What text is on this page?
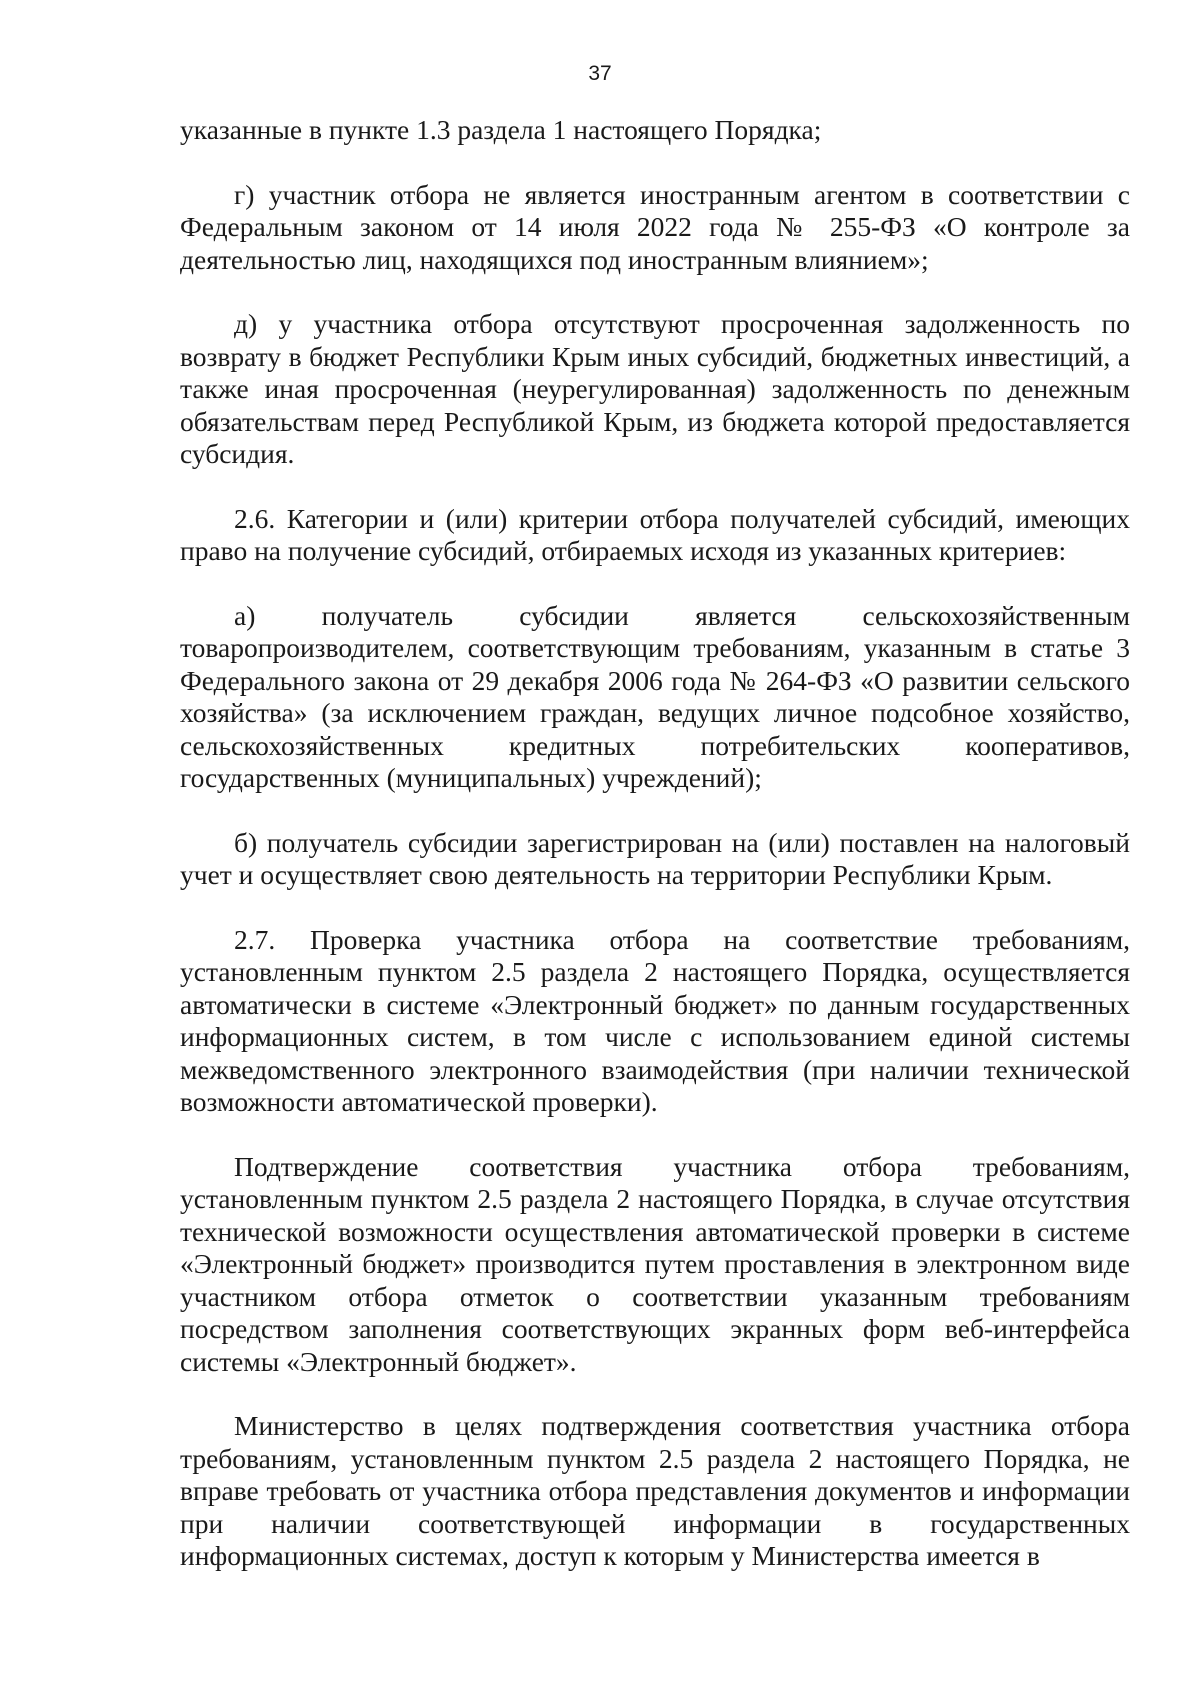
37

указанные в пункте 1.3 раздела 1 настоящего Порядка;

г) участник отбора не является иностранным агентом в соответствии с Федеральным законом от 14 июля 2022 года № 255-ФЗ «О контроле за деятельностью лиц, находящихся под иностранным влиянием»;

д) у участника отбора отсутствуют просроченная задолженность по возврату в бюджет Республики Крым иных субсидий, бюджетных инвестиций, а также иная просроченная (неурегулированная) задолженность по денежным обязательствам перед Республикой Крым, из бюджета которой предоставляется субсидия.

2.6. Категории и (или) критерии отбора получателей субсидий, имеющих право на получение субсидий, отбираемых исходя из указанных критериев:

а) получатель субсидии является сельскохозяйственным товаропроизводителем, соответствующим требованиям, указанным в статье 3 Федерального закона от 29 декабря 2006 года № 264-ФЗ «О развитии сельского хозяйства» (за исключением граждан, ведущих личное подсобное хозяйство, сельскохозяйственных кредитных потребительских кооперативов, государственных (муниципальных) учреждений);

б) получатель субсидии зарегистрирован на (или) поставлен на налоговый учет и осуществляет свою деятельность на территории Республики Крым.

2.7. Проверка участника отбора на соответствие требованиям, установленным пунктом 2.5 раздела 2 настоящего Порядка, осуществляется автоматически в системе «Электронный бюджет» по данным государственных информационных систем, в том числе с использованием единой системы межведомственного электронного взаимодействия (при наличии технической возможности автоматической проверки).

Подтверждение соответствия участника отбора требованиям, установленным пунктом 2.5 раздела 2 настоящего Порядка, в случае отсутствия технической возможности осуществления автоматической проверки в системе «Электронный бюджет» производится путем проставления в электронном виде участником отбора отметок о соответствии указанным требованиям посредством заполнения соответствующих экранных форм веб-интерфейса системы «Электронный бюджет».

Министерство в целях подтверждения соответствия участника отбора требованиям, установленным пунктом 2.5 раздела 2 настоящего Порядка, не вправе требовать от участника отбора представления документов и информации при наличии соответствующей информации в государственных информационных системах, доступ к которым у Министерства имеется в
